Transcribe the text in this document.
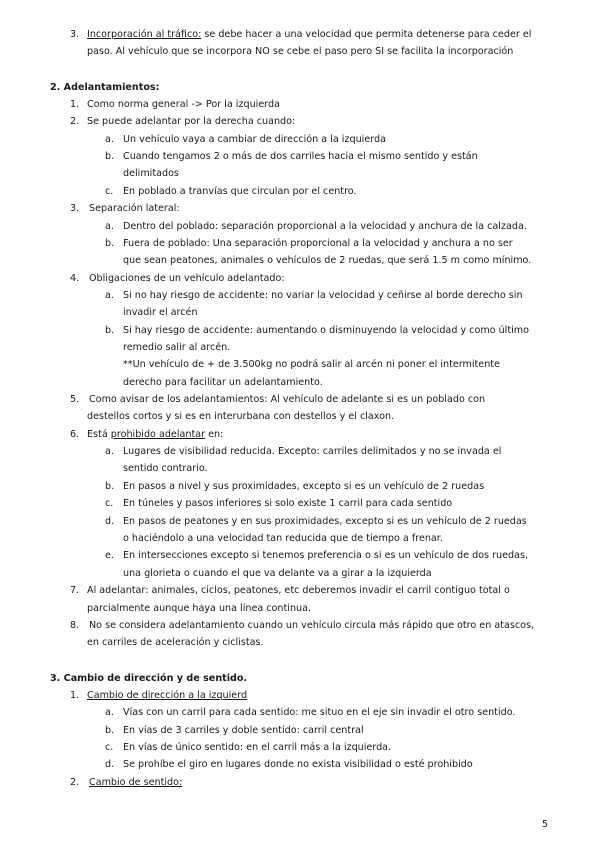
3. Incorporación al tráfico: se debe hacer a una velocidad que permita detenerse para ceder el
paso. Al vehículo que se incorpora NO se cebe el paso pero SI se facilita la incorporación
2. Adelantamientos:
1. Como norma general -> Por la izquierda
2. Se puede adelantar por la derecha cuando:
a. Un vehículo vaya a cambiar de dirección a la izquierda
b. Cuando tengamos 2 o más de dos carriles hacia el mismo sentido y están
delimitados
c. En poblado a tranvías que circulan por el centro.
3. Separación lateral:
a. Dentro del poblado: separación proporcional a la velocidad y anchura de la calzada.
b. Fuera de poblado: Una separación proporcional a la velocidad y anchura a no ser
que sean peatones, animales o vehículos de 2 ruedas, que será 1.5 m como mínimo.
4. Obligaciones de un vehículo adelantado:
a. Si no hay riesgo de accidente: no variar la velocidad y ceñirse al borde derecho sin
invadir el arcén
b. Si hay riesgo de accidente: aumentando o disminuyendo la velocidad y como último
remedio salir al arcén.
**Un vehículo de + de 3.500kg no podrá salir al arcén ni poner el intermitente
derecho para facilitar un adelantamiento.
5. Como avisar de los adelantamientos: Al vehículo de adelante si es un poblado con
destellos cortos y si es en interurbana con destellos y el claxon.
6. Está prohibido adelantar en:
a. Lugares de visibilidad reducida. Excepto: carriles delimitados y no se invada el
sentido contrario.
b. En pasos a nivel y sus proximidades, excepto si es un vehículo de 2 ruedas
c. En túneles y pasos inferiores si solo existe 1 carril para cada sentido
d. En pasos de peatones y en sus proximidades, excepto si es un vehículo de 2 ruedas
o haciéndolo a una velocidad tan reducida que de tiempo a frenar.
e. En intersecciones excepto si tenemos preferencia o si es un vehículo de dos ruedas,
una glorieta o cuando el que va delante va a girar a la izquierda
7. Al adelantar: animales, ciclos, peatones, etc deberemos invadir el carril contiguo total o
parcialmente aunque haya una línea continua.
8. No se considera adelantamiento cuando un vehículo circula más rápido que otro en atascos,
en carriles de aceleración y ciclistas.
3. Cambio de dirección y de sentido.
1. Cambio de dirección a la izquierd
a. Vías con un carril para cada sentido: me situo en el eje sin invadir el otro sentido.
b. En vías de 3 carriles y doble sentido: carril central
c. En vías de único sentido: en el carril más a la izquierda.
d. Se prohíbe el giro en lugares donde no exista visibilidad o esté prohibido
2. Cambio de sentido:
5
